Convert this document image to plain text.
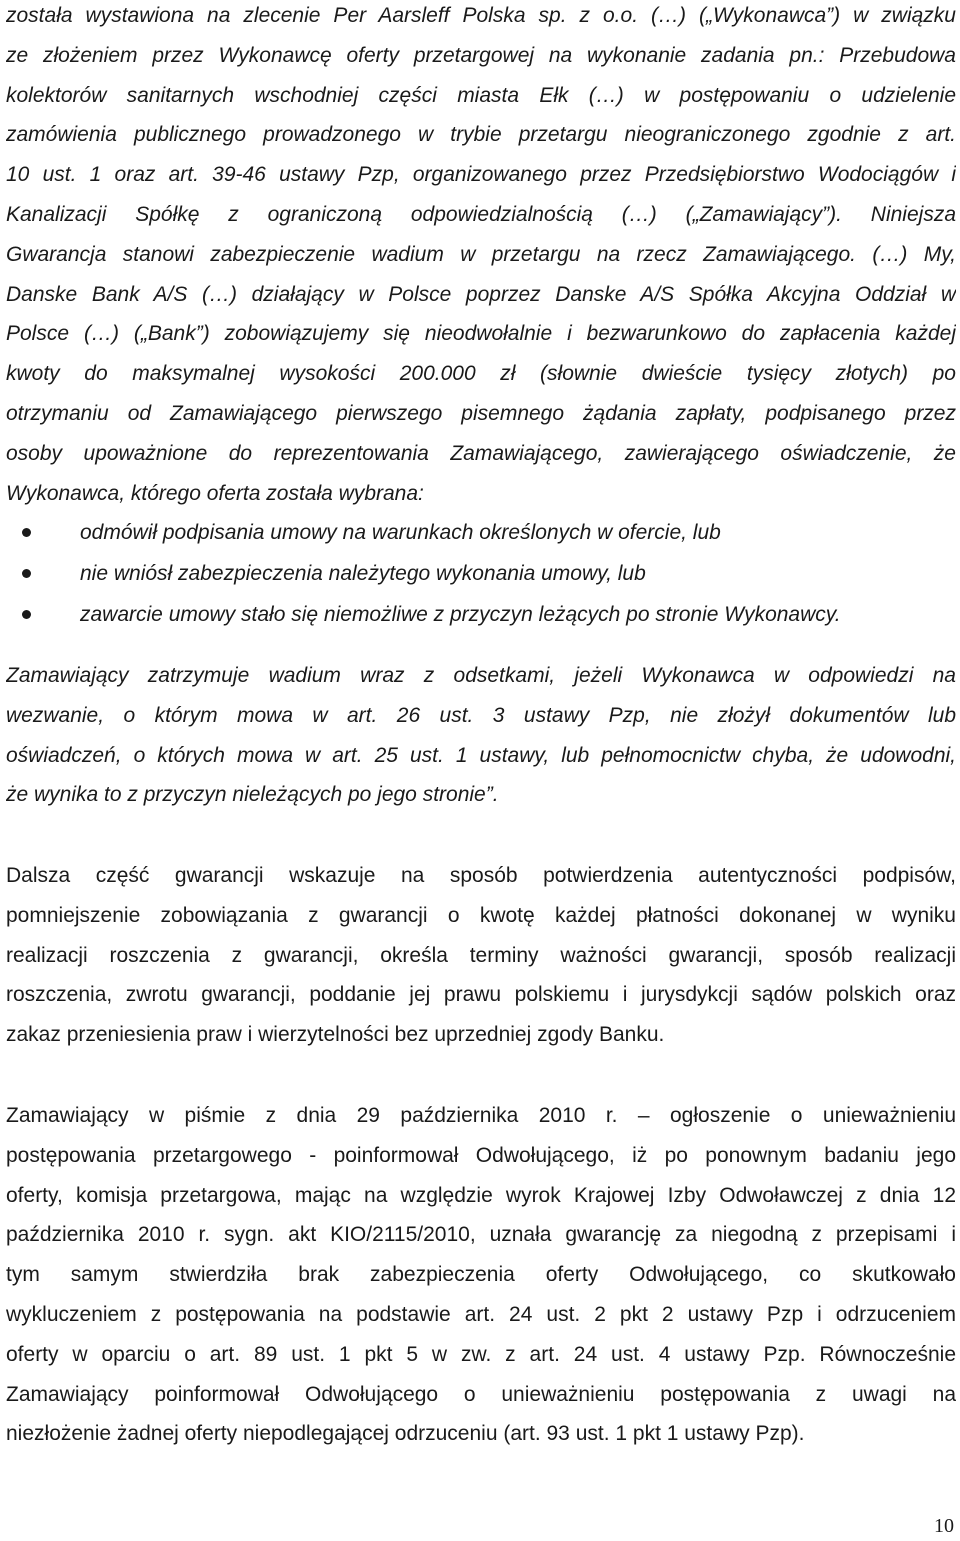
została wystawiona na zlecenie Per Aarsleff Polska sp. z o.o. (…) („Wykonawca”) w związku
ze złożeniem przez Wykonawcę oferty przetargowej na wykonanie zadania pn.: Przebudowa
kolektorów sanitarnych wschodniej części miasta Ełk (…) w postępowaniu o udzielenie
zamówienia publicznego prowadzonego w trybie przetargu nieograniczonego zgodnie z art.
10 ust. 1 oraz art. 39-46 ustawy Pzp, organizowanego przez Przedsiębiorstwo Wodociągów i
Kanalizacji Spółkę z ograniczoną odpowiedzialnością (…) („Zamawiający”). Niniejsza
Gwarancja stanowi zabezpieczenie wadium w przetargu na rzecz Zamawiającego. (…) My,
Danske Bank A/S (…) działający w Polsce poprzez Danske A/S Spółka Akcyjna Oddział w
Polsce (…) („Bank”) zobowiązujemy się nieodwołalnie i bezwarunkowo do zapłacenia każdej
kwoty do maksymalnej wysokości 200.000 zł (słownie dwieście tysięcy złotych) po
otrzymaniu od Zamawiającego pierwszego pisemnego żądania zapłaty, podpisanego przez
osoby upoważnione do reprezentowania Zamawiającego, zawierającego oświadczenie, że
Wykonawca, którego oferta została wybrana:
odmówił podpisania umowy na warunkach określonych w ofercie, lub
nie wniósł zabezpieczenia należytego wykonania umowy, lub
zawarcie umowy stało się niemożliwe z przyczyn leżących po stronie Wykonawcy.
Zamawiający zatrzymuje wadium wraz z odsetkami, jeżeli Wykonawca w odpowiedzi na
wezwanie, o którym mowa w art. 26 ust. 3 ustawy Pzp, nie złożył dokumentów lub
oświadczeń, o których mowa w art. 25 ust. 1 ustawy, lub pełnomocnictw chyba, że udowodni,
że wynika to z przyczyn nieleżących po jego stronie”.
Dalsza część gwarancji wskazuje na sposób potwierdzenia autentyczności podpisów,
pomniejszenie zobowiązania z gwarancji o kwotę każdej płatności dokonanej w wyniku
realizacji roszczenia z gwarancji, określa terminy ważności gwarancji, sposób realizacji
roszczenia, zwrotu gwarancji, poddanie jej prawu polskiemu i jurysdykcji sądów polskich oraz
zakaz przeniesienia praw i wierzytelności bez uprzedniej zgody Banku.
Zamawiający w piśmie z dnia 29 października 2010 r. – ogłoszenie o unieważnieniu
postępowania przetargowego - poinformował Odwołującego, iż po ponownym badaniu jego
oferty, komisja przetargowa, mając na względzie wyrok Krajowej Izby Odwoławczej z dnia 12
października 2010 r. sygn. akt KIO/2115/2010, uznała gwarancję za niegodną z przepisami i
tym samym stwierdziła brak zabezpieczenia oferty Odwołującego, co skutkowało
wykluczeniem z postępowania na podstawie art. 24 ust. 2 pkt 2 ustawy Pzp i odrzuceniem
oferty w oparciu o art. 89 ust. 1 pkt 5 w zw. z art. 24 ust. 4 ustawy Pzp. Równocześnie
Zamawiający poinformował Odwołującego o unieważnieniu postępowania z uwagi na
niezłożenie żadnej oferty niepodlegającej odrzuceniu (art. 93 ust. 1 pkt 1 ustawy Pzp).
10
